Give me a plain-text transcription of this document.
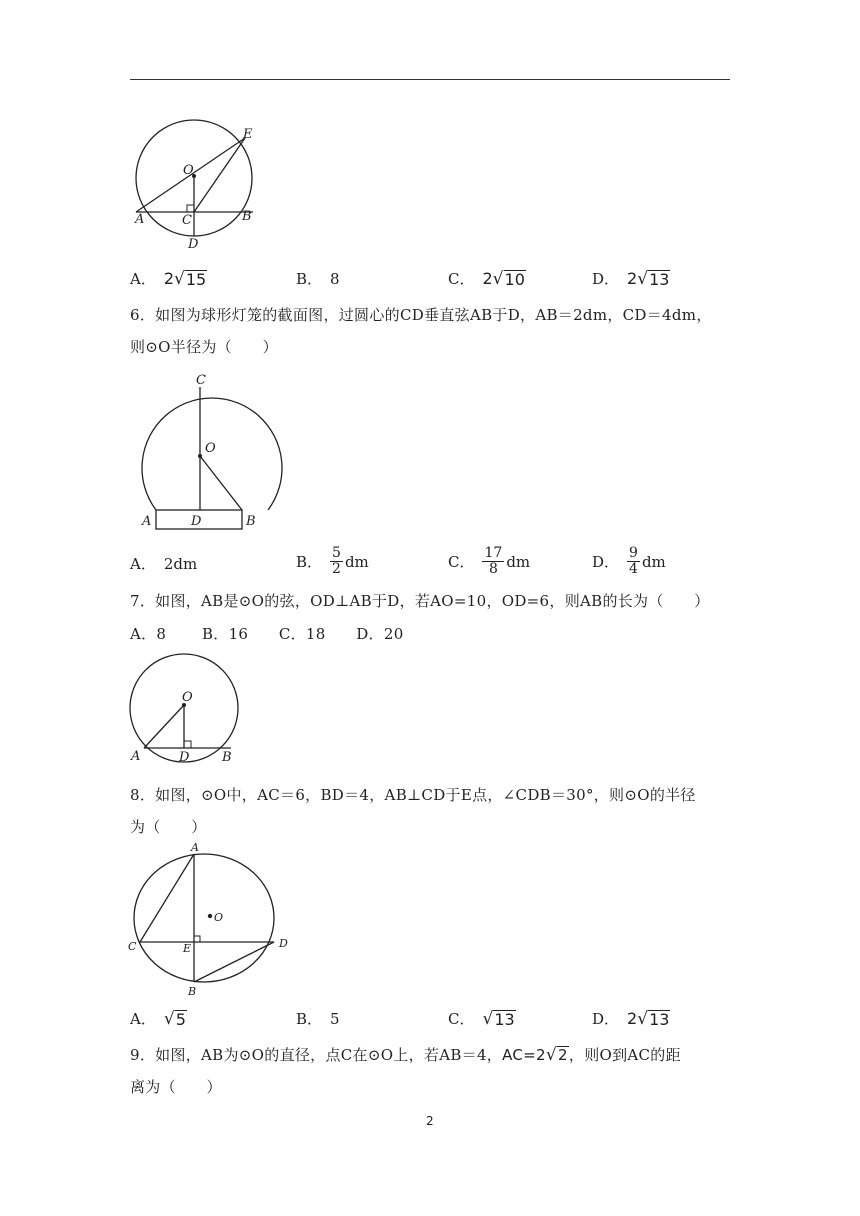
O
E
A	C	B
D
A． 2 √ 15	B． 8	C． 2 √ 10	D． 2 √ 13
6．如图为球形灯笼的截面图，过圆心的CD垂直弦AB于D，AB＝2dm，CD＝4dm，
则⊙O半径为（　　）
C
O
A	D	B
A． 2dm	B． $\frac{5}{2}$ dm	C． $\frac{17}{8}$ dm	D． $\frac{9}{4}$ dm
7．如图，AB是⊙O的弦，OD⊥AB于D，若AO=10，OD=6，则AB的长为（　　）
A．8　　 B．16　　C．18　　D．20
O
A	D	B
8．如图，⊙O中，AC＝6，BD＝4，AB⊥CD于E点，∠CDB＝30°，则⊙O的半径
为（　　）
A
O
C	E	D
B
A． √ 5	B． 5	C． √ 13	D． 2 √ 13
9．如图，AB为⊙O的直径，点C在⊙O上，若AB＝4， AC=2 √ 2 ，则O到AC的距
离为（　　）
2
